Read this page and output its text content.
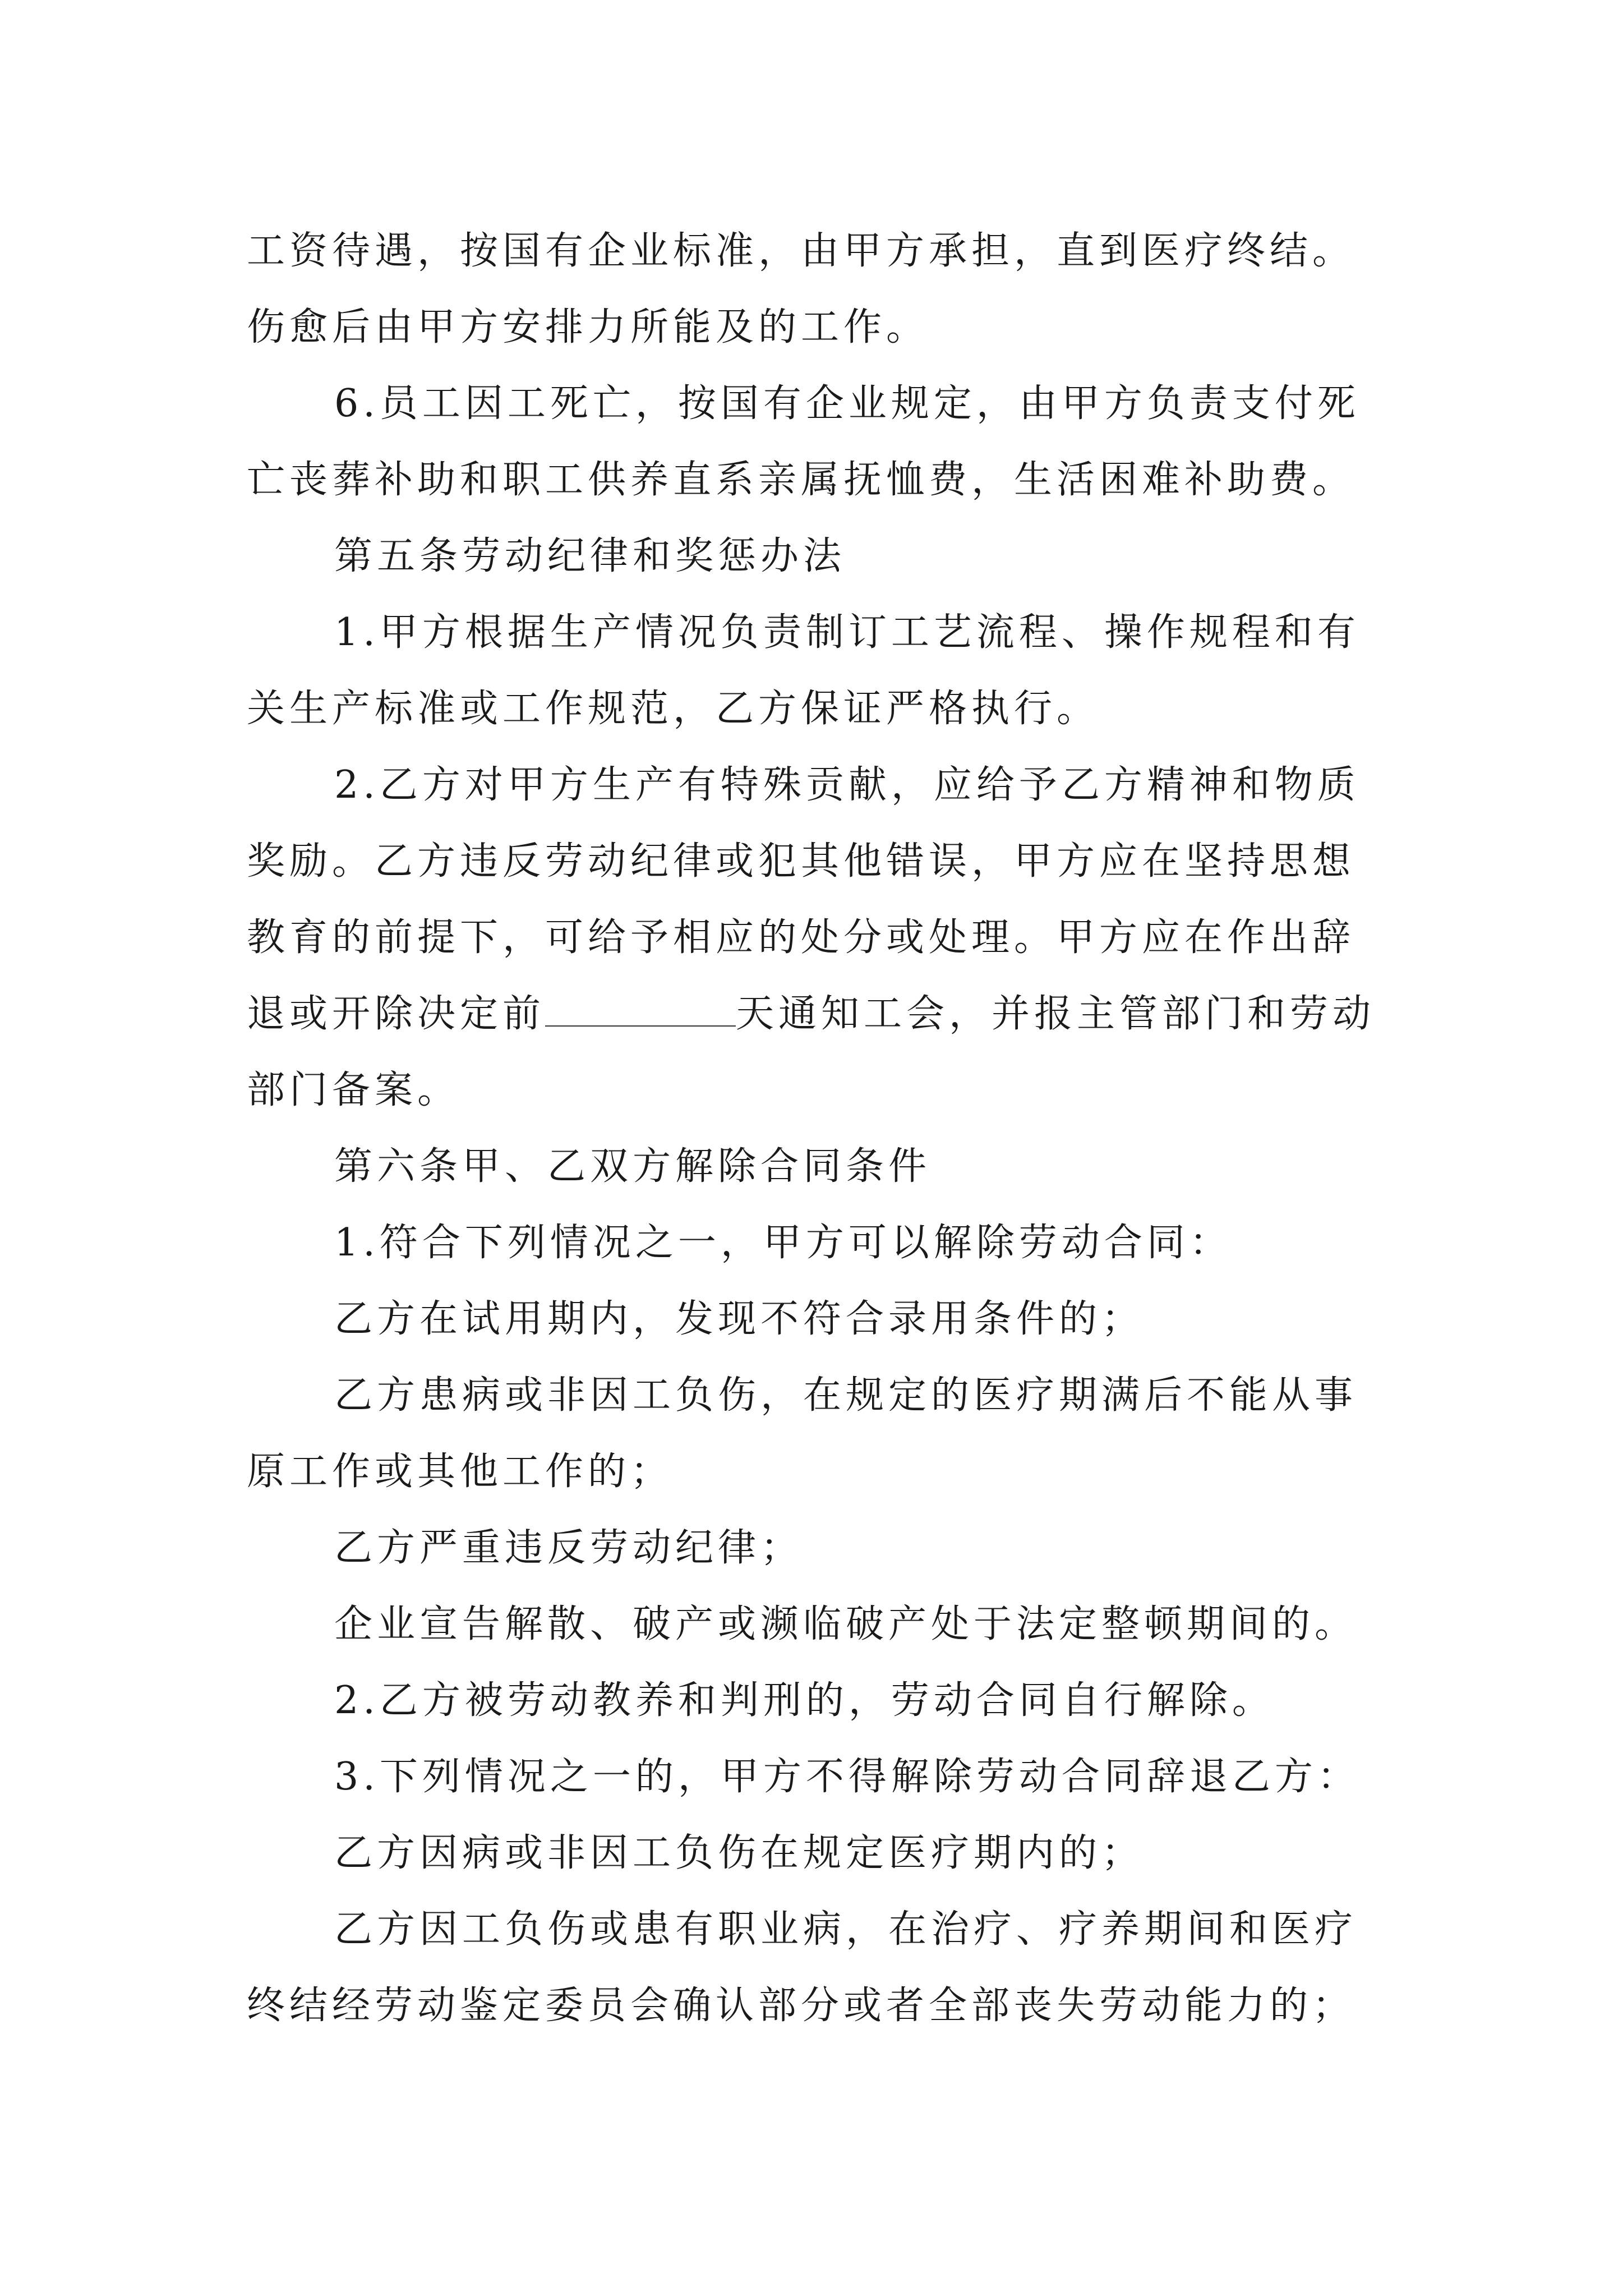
工资待遇，按国有企业标准，由甲方承担，直到医疗终结。伤愈后由甲方安排力所能及的工作。

6.员工因工死亡，按国有企业规定，由甲方负责支付死亡丧葬补助和职工供养直系亲属抚恤费，生活困难补助费。

第五条劳动纪律和奖惩办法

1.甲方根据生产情况负责制订工艺流程、操作规程和有关生产标准或工作规范，乙方保证严格执行。

2.乙方对甲方生产有特殊贡献，应给予乙方精神和物质奖励。乙方违反劳动纪律或犯其他错误，甲方应在坚持思想教育的前提下，可给予相应的处分或处理。甲方应在作出辞退或开除决定前	天通知工会，并报主管部门和劳动部门备案。

第六条甲、乙双方解除合同条件

1.符合下列情况之一，甲方可以解除劳动合同：

乙方在试用期内，发现不符合录用条件的；

乙方患病或非因工负伤，在规定的医疗期满后不能从事原工作或其他工作的；

乙方严重违反劳动纪律；

企业宣告解散、破产或濒临破产处于法定整顿期间的。

2.乙方被劳动教养和判刑的，劳动合同自行解除。

3.下列情况之一的，甲方不得解除劳动合同辞退乙方：

乙方因病或非因工负伤在规定医疗期内的；

乙方因工负伤或患有职业病，在治疗、疗养期间和医疗终结经劳动鉴定委员会确认部分或者全部丧失劳动能力的；
